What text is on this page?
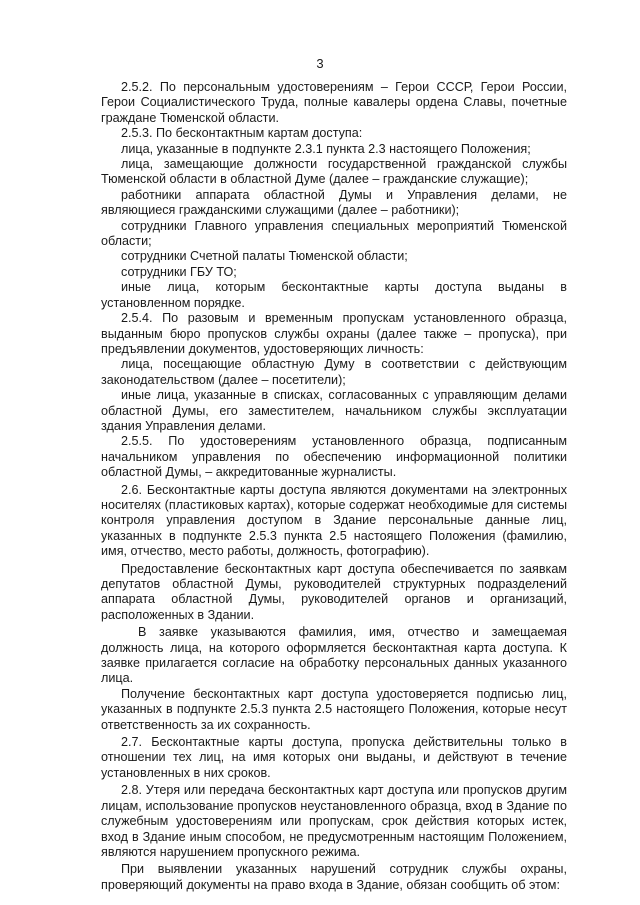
3

2.5.2. По персональным удостоверениям – Герои СССР, Герои России, Герои Социалистического Труда, полные кавалеры ордена Славы, почетные граждане Тюменской области.

2.5.3. По бесконтактным картам доступа:

лица, указанные в подпункте 2.3.1 пункта 2.3 настоящего Положения;

лица, замещающие должности государственной гражданской службы Тюменской области в областной Думе (далее – гражданские служащие);

работники аппарата областной Думы и Управления делами, не являющиеся гражданскими служащими (далее – работники);

сотрудники Главного управления специальных мероприятий Тюменской области;

сотрудники Счетной палаты Тюменской области;

сотрудники ГБУ ТО;

иные лица, которым бесконтактные карты доступа выданы в установленном порядке.

2.5.4. По разовым и временным пропускам установленного образца, выданным бюро пропусков службы охраны (далее также – пропуска), при предъявлении документов, удостоверяющих личность:

лица, посещающие областную Думу в соответствии с действующим законодательством (далее – посетители);

иные лица, указанные в списках, согласованных с управляющим делами областной Думы, его заместителем, начальником службы эксплуатации здания Управления делами.

2.5.5. По удостоверениям установленного образца, подписанным начальником управления по обеспечению информационной политики областной Думы, – аккредитованные журналисты.

2.6. Бесконтактные карты доступа являются документами на электронных носителях (пластиковых картах), которые содержат необходимые для системы контроля управления доступом в Здание персональные данные лиц, указанных в подпункте 2.5.3 пункта 2.5 настоящего Положения (фамилию, имя, отчество, место работы, должность, фотографию).

Предоставление бесконтактных карт доступа обеспечивается по заявкам депутатов областной Думы, руководителей структурных подразделений аппарата областной Думы, руководителей органов и организаций, расположенных в Здании.

В заявке указываются фамилия, имя, отчество и замещаемая должность лица, на которого оформляется бесконтактная карта доступа. К заявке прилагается согласие на обработку персональных данных указанного лица.

Получение бесконтактных карт доступа удостоверяется подписью лиц, указанных в подпункте 2.5.3 пункта 2.5 настоящего Положения, которые несут ответственность за их сохранность.

2.7. Бесконтактные карты доступа, пропуска действительны только в отношении тех лиц, на имя которых они выданы, и действуют в течение установленных в них сроков.

2.8. Утеря или передача бесконтактных карт доступа или пропусков другим лицам, использование пропусков неустановленного образца, вход в Здание по служебным удостоверениям или пропускам, срок действия которых истек, вход в Здание иным способом, не предусмотренным настоящим Положением, являются нарушением пропускного режима.

При выявлении указанных нарушений сотрудник службы охраны, проверяющий документы на право входа в Здание, обязан сообщить об этом:
